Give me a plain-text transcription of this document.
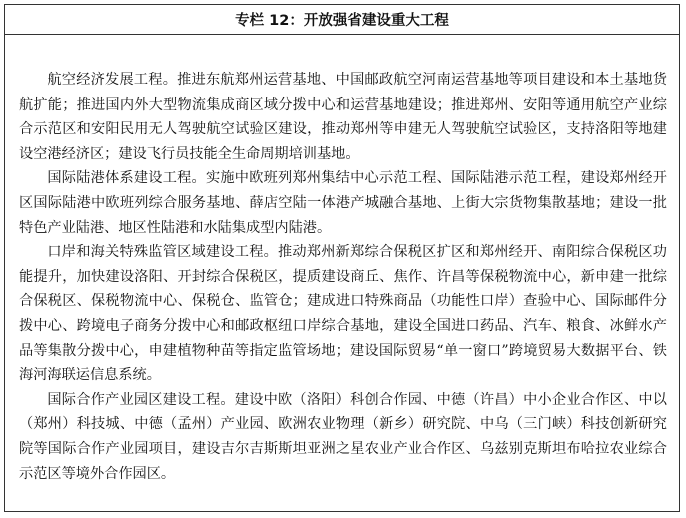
专栏 12：开放强省建设重大工程

航空经济发展工程。推进东航郑州运营基地、中国邮政航空河南运营基地等项目建设和本土基地货航扩能；推进国内外大型物流集成商区域分拨中心和运营基地建设；推进郑州、安阳等通用航空产业综合示范区和安阳民用无人驾驶航空试验区建设，推动郑州等申建无人驾驶航空试验区，支持洛阳等地建设空港经济区；建设飞行员技能全生命周期培训基地。

国际陆港体系建设工程。实施中欧班列郑州集结中心示范工程、国际陆港示范工程，建设郑州经开区国际陆港中欧班列综合服务基地、薛店空陆一体港产城融合基地、上街大宗货物集散基地；建设一批特色产业陆港、地区性陆港和水陆集成型内陆港。

口岸和海关特殊监管区域建设工程。推动郑州新郑综合保税区扩区和郑州经开、南阳综合保税区功能提升，加快建设洛阳、开封综合保税区，提质建设商丘、焦作、许昌等保税物流中心，新申建一批综合保税区、保税物流中心、保税仓、监管仓；建成进口特殊商品（功能性口岸）查验中心、国际邮件分拨中心、跨境电子商务分拨中心和邮政枢纽口岸综合基地，建设全国进口药品、汽车、粮食、冰鲜水产品等集散分拨中心，申建植物种苗等指定监管场地；建设国际贸易“单一窗口”跨境贸易大数据平台、铁海河海联运信息系统。

国际合作产业园区建设工程。建设中欧（洛阳）科创合作园、中德（许昌）中小企业合作区、中以（郑州）科技城、中德（孟州）产业园、欧洲农业物理（新乡）研究院、中乌（三门峡）科技创新研究院等国际合作产业园项目，建设吉尔吉斯斯坦亚洲之星农业产业合作区、乌兹别克斯坦布哈拉农业综合示范区等境外合作园区。
